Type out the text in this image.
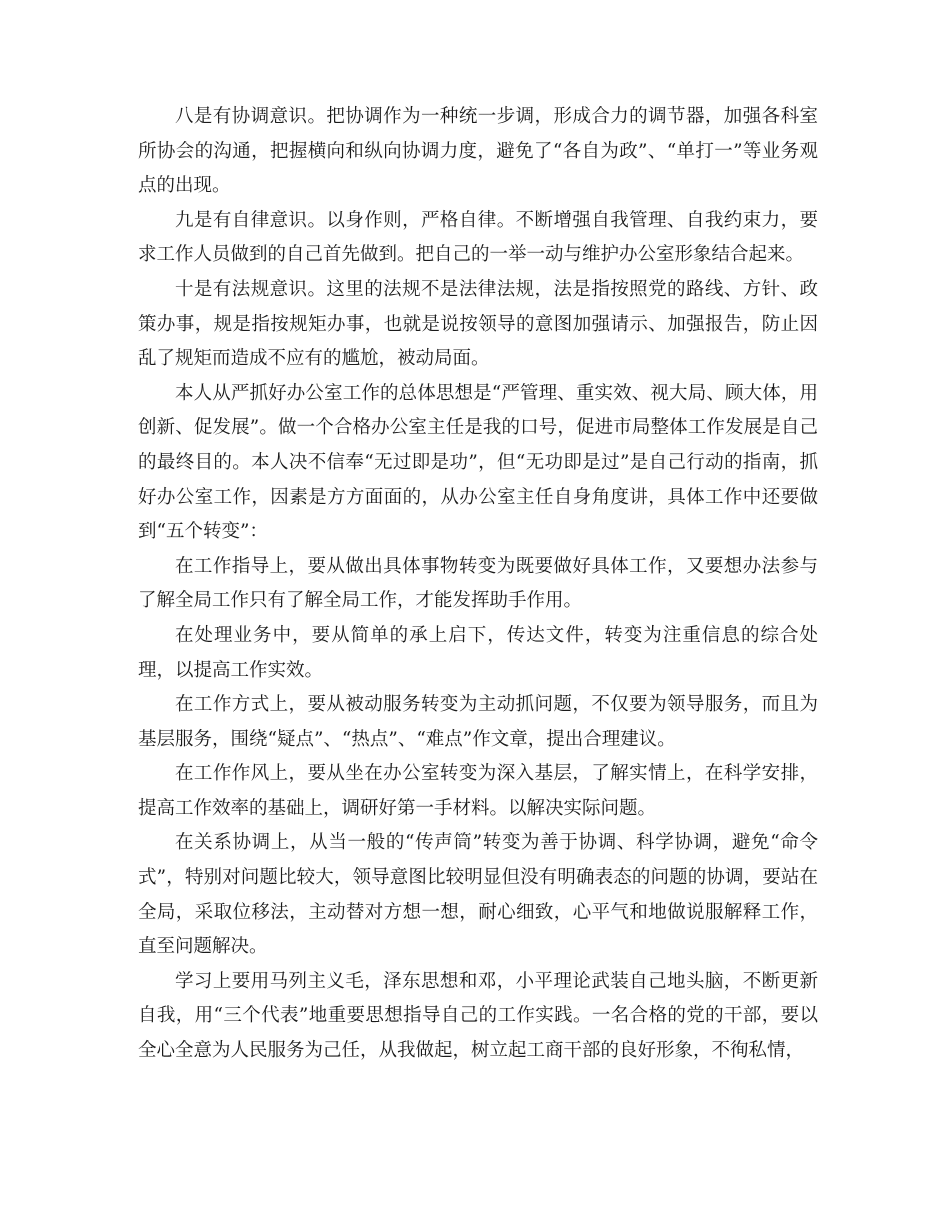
八是有协调意识。把协调作为一种统一步调，形成合力的调节器，加强各科室所协会的沟通，把握横向和纵向协调力度，避免了“各自为政”、“单打一”等业务观点的出现。

九是有自律意识。以身作则，严格自律。不断增强自我管理、自我约束力，要求工作人员做到的自己首先做到。把自己的一举一动与维护办公室形象结合起来。

十是有法规意识。这里的法规不是法律法规，法是指按照党的路线、方针、政策办事，规是指按规矩办事，也就是说按领导的意图加强请示、加强报告，防止因乱了规矩而造成不应有的尴尬，被动局面。

本人从严抓好办公室工作的总体思想是“严管理、重实效、视大局、顾大体，用创新、促发展”。做一个合格办公室主任是我的口号，促进市局整体工作发展是自己的最终目的。本人决不信奉“无过即是功”，但“无功即是过”是自己行动的指南，抓好办公室工作，因素是方方面面的，从办公室主任自身角度讲，具体工作中还要做到“五个转变”：

在工作指导上，要从做出具体事物转变为既要做好具体工作，又要想办法参与了解全局工作只有了解全局工作，才能发挥助手作用。

在处理业务中，要从简单的承上启下，传达文件，转变为注重信息的综合处理，以提高工作实效。

在工作方式上，要从被动服务转变为主动抓问题，不仅要为领导服务，而且为基层服务，围绕“疑点”、“热点”、“难点”作文章，提出合理建议。

在工作作风上，要从坐在办公室转变为深入基层，了解实情上，在科学安排，提高工作效率的基础上，调研好第一手材料。以解决实际问题。

在关系协调上，从当一般的“传声筒”转变为善于协调、科学协调，避免“命令式”，特别对问题比较大，领导意图比较明显但没有明确表态的问题的协调，要站在全局，采取位移法，主动替对方想一想，耐心细致，心平气和地做说服解释工作，直至问题解决。

学习上要用马列主义毛，泽东思想和邓，小平理论武装自己地头脑，不断更新自我，用“三个代表”地重要思想指导自己的工作实践。一名合格的党的干部，要以全心全意为人民服务为己任，从我做起，树立起工商干部的良好形象，不徇私情，
